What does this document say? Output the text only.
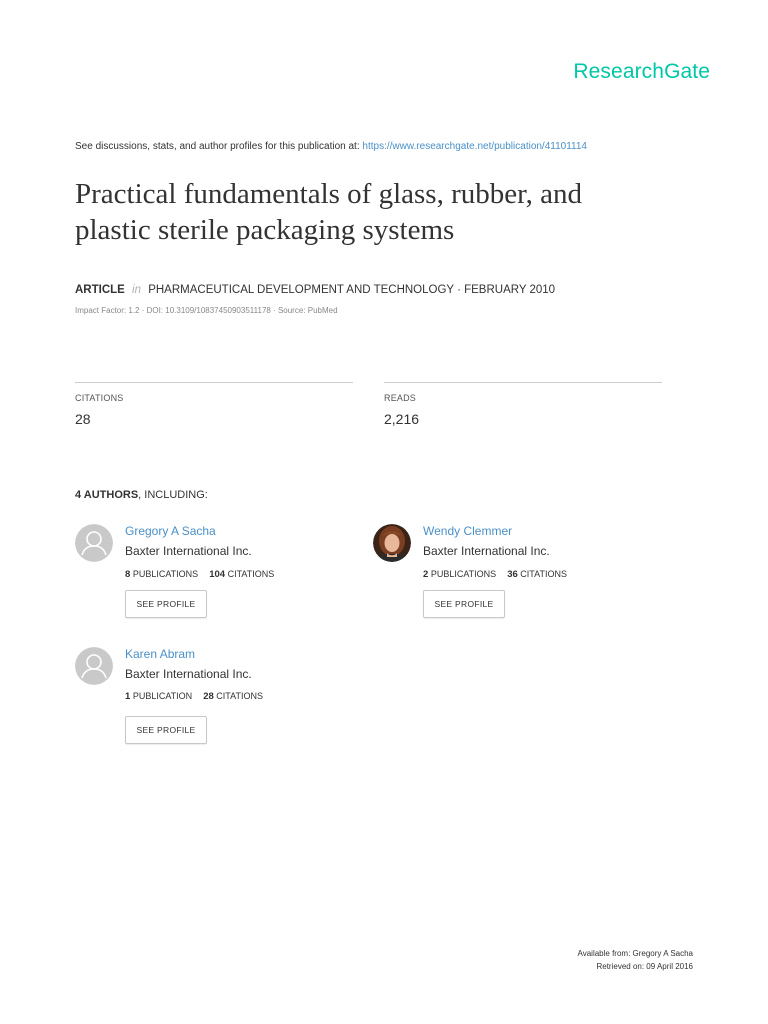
ResearchGate
See discussions, stats, and author profiles for this publication at: https://www.researchgate.net/publication/41101114
Practical fundamentals of glass, rubber, and
plastic sterile packaging systems
ARTICLE in PHARMACEUTICAL DEVELOPMENT AND TECHNOLOGY · FEBRUARY 2010
Impact Factor: 1.2 · DOI: 10.3109/10837450903511178 · Source: PubMed
CITATIONS
28
READS
2,216
4 AUTHORS, INCLUDING:
Gregory A Sacha
Baxter International Inc.
8 PUBLICATIONS 104 CITATIONS
SEE PROFILE
Wendy Clemmer
Baxter International Inc.
2 PUBLICATIONS 36 CITATIONS
SEE PROFILE
Karen Abram
Baxter International Inc.
1 PUBLICATION 28 CITATIONS
SEE PROFILE
Available from: Gregory A Sacha
Retrieved on: 09 April 2016
